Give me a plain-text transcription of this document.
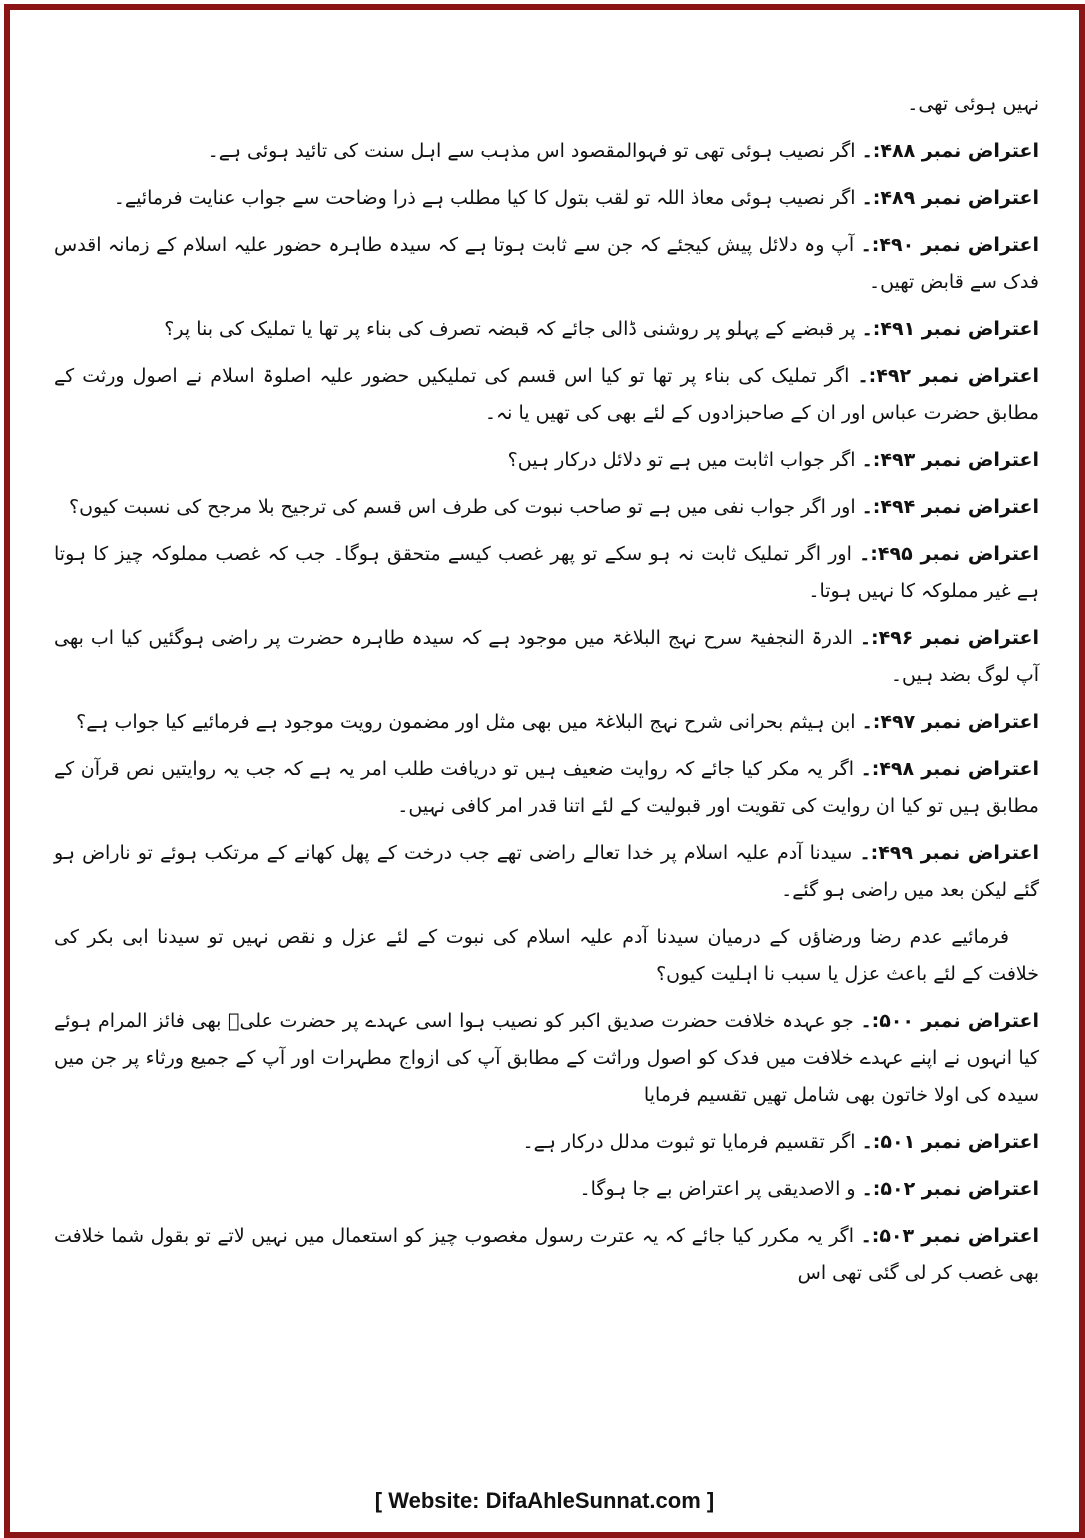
نہیں ہوئی تھی۔

اعتراض نمبر ۴۸۸:۔ اگر نصیب ہوئی تھی تو فہوالمقصود اس مذہب سے اہل سنت کی تائید ہوئی ہے۔

اعتراض نمبر ۴۸۹:۔ اگر نصیب ہوئی معاذ اللہ تو لقب بتول کا کیا مطلب ہے ذرا وضاحت سے جواب عنایت فرمائیے۔

اعتراض نمبر ۴۹۰:۔ آپ وہ دلائل پیش کیجئے کہ جن سے ثابت ہوتا ہے کہ سیدہ طاہرہ حضور علیہ اسلام کے زمانہ اقدس فدک سے قابض تھیں۔

اعتراض نمبر ۴۹۱:۔ پر قبضے کے پہلو پر روشنی ڈالی جائے کہ قبضہ تصرف کی بناء پر تھا یا تملیک کی بنا پر؟

اعتراض نمبر ۴۹۲:۔ اگر تملیک کی بناء پر تھا تو کیا اس قسم کی تملیکیں حضور علیہ اصلوۃ اسلام نے اصول ورثت کے مطابق حضرت عباس اور ان کے صاحبزادوں کے لئے بھی کی تھیں یا نہ۔

اعتراض نمبر ۴۹۳:۔ اگر جواب اثابت میں ہے تو دلائل درکار ہیں؟

اعتراض نمبر ۴۹۴:۔ اور اگر جواب نفی میں ہے تو صاحب نبوت کی طرف اس قسم کی ترجیح بلا مرجح کی نسبت کیوں؟

اعتراض نمبر ۴۹۵:۔ اور اگر تملیک ثابت نہ ہو سکے تو پھر غصب کیسے متحقق ہوگا۔ جب کہ غصب مملوکہ چیز کا ہوتا ہے غیر مملوکہ کا نہیں ہوتا۔

اعتراض نمبر ۴۹۶:۔ الدرۃ النجفیۃ سرح نہج البلاغۃ میں موجود ہے کہ سیدہ طاہرہ حضرت پر راضی ہوگئیں کیا اب بھی آپ لوگ بضد ہیں۔

اعتراض نمبر ۴۹۷:۔ ابن ہیثم بحرانی شرح نہج البلاغۃ میں بھی مثل اور مضمون رویت موجود ہے فرمائیے کیا جواب ہے؟

اعتراض نمبر ۴۹۸:۔ اگر یہ مکر کیا جائے کہ روایت ضعیف ہیں تو دریافت طلب امر یہ ہے کہ جب یہ روایتیں نص قرآن کے مطابق ہیں تو کیا ان روایت کی تقویت اور قبولیت کے لئے اتنا قدر امر کافی نہیں۔

اعتراض نمبر ۴۹۹:۔ سیدنا آدم علیہ اسلام پر خدا تعالے راضی تھے جب درخت کے پھل کھانے کے مرتکب ہوئے تو ناراض ہو گئے لیکن بعد میں راضی ہو گئے۔

فرمائیے عدم رضا ورضاؤں کے درمیان سیدنا آدم علیہ اسلام کی نبوت کے لئے عزل و نقص نہیں تو سیدنا ابی بکر کی خلافت کے لئے باعث عزل یا سبب نا اہلیت کیوں؟

اعتراض نمبر ۵۰۰:۔ جو عہدہ خلافت حضرت صدیق اکبر کو نصیب ہوا اسی عہدے پر حضرت علیؓ بھی فائز المرام ہوئے کیا انہوں نے اپنے عہدے خلافت میں فدک کو اصول وراثت کے مطابق آپ کی ازواج مطہرات اور آپ کے جمیع ورثاء پر جن میں سیدہ کی اولا خاتون بھی شامل تھیں تقسیم فرمایا

اعتراض نمبر ۵۰۱:۔ اگر تقسیم فرمایا تو ثبوت مدلل درکار ہے۔

اعتراض نمبر ۵۰۲:۔ و الاصدیقی پر اعتراض بے جا ہوگا۔

اعتراض نمبر ۵۰۳:۔ اگر یہ مکرر کیا جائے کہ یہ عترت رسول مغصوب چیز کو استعمال میں نہیں لاتے تو بقول شما خلافت بھی غصب کر لی گئی تھی اس

[ Website: DifaAhleSunnat.com ]
